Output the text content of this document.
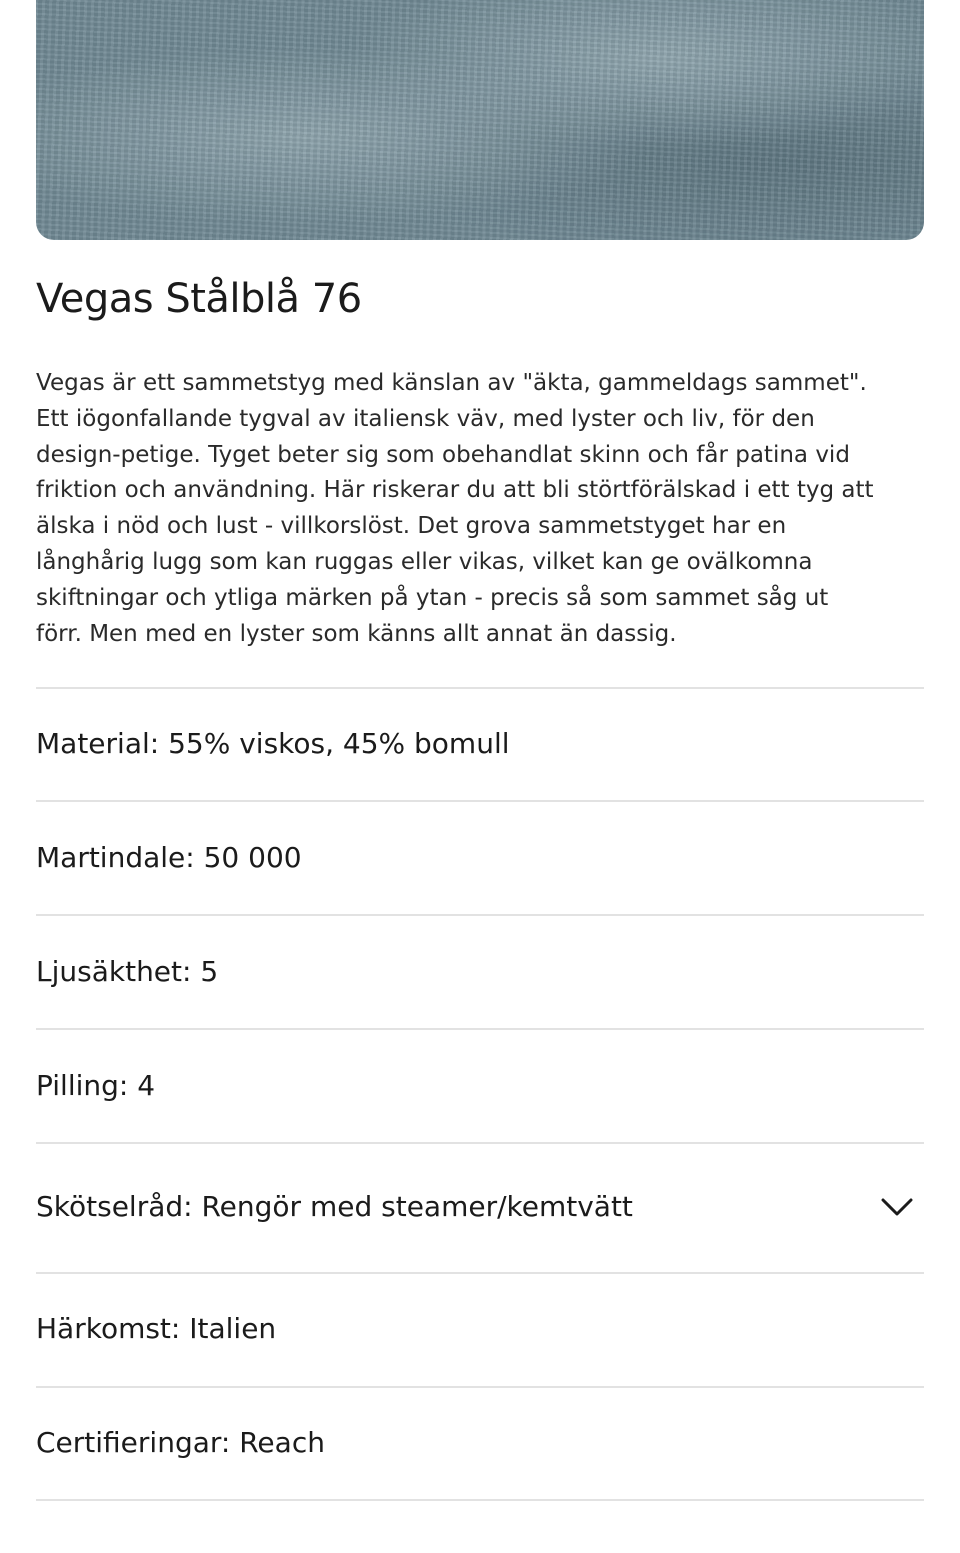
Vegas Stålblå 76
Vegas är ett sammetstyg med känslan av "äkta, gammeldags sammet".
Ett iögonfallande tygval av italiensk väv, med lyster och liv, för den
design-petige. Tyget beter sig som obehandlat skinn och får patina vid
friktion och användning. Här riskerar du att bli störtförälskad i ett tyg att
älska i nöd och lust - villkorslöst. Det grova sammetstyget har en
långhårig lugg som kan ruggas eller vikas, vilket kan ge ovälkomna
skiftningar och ytliga märken på ytan - precis så som sammet såg ut
förr. Men med en lyster som känns allt annat än dassig.
Material: 55% viskos, 45% bomull
Martindale: 50 000
Ljusäkthet: 5
Pilling: 4
Skötselråd: Rengör med steamer/kemtvätt
Härkomst: Italien
Certifieringar: Reach
